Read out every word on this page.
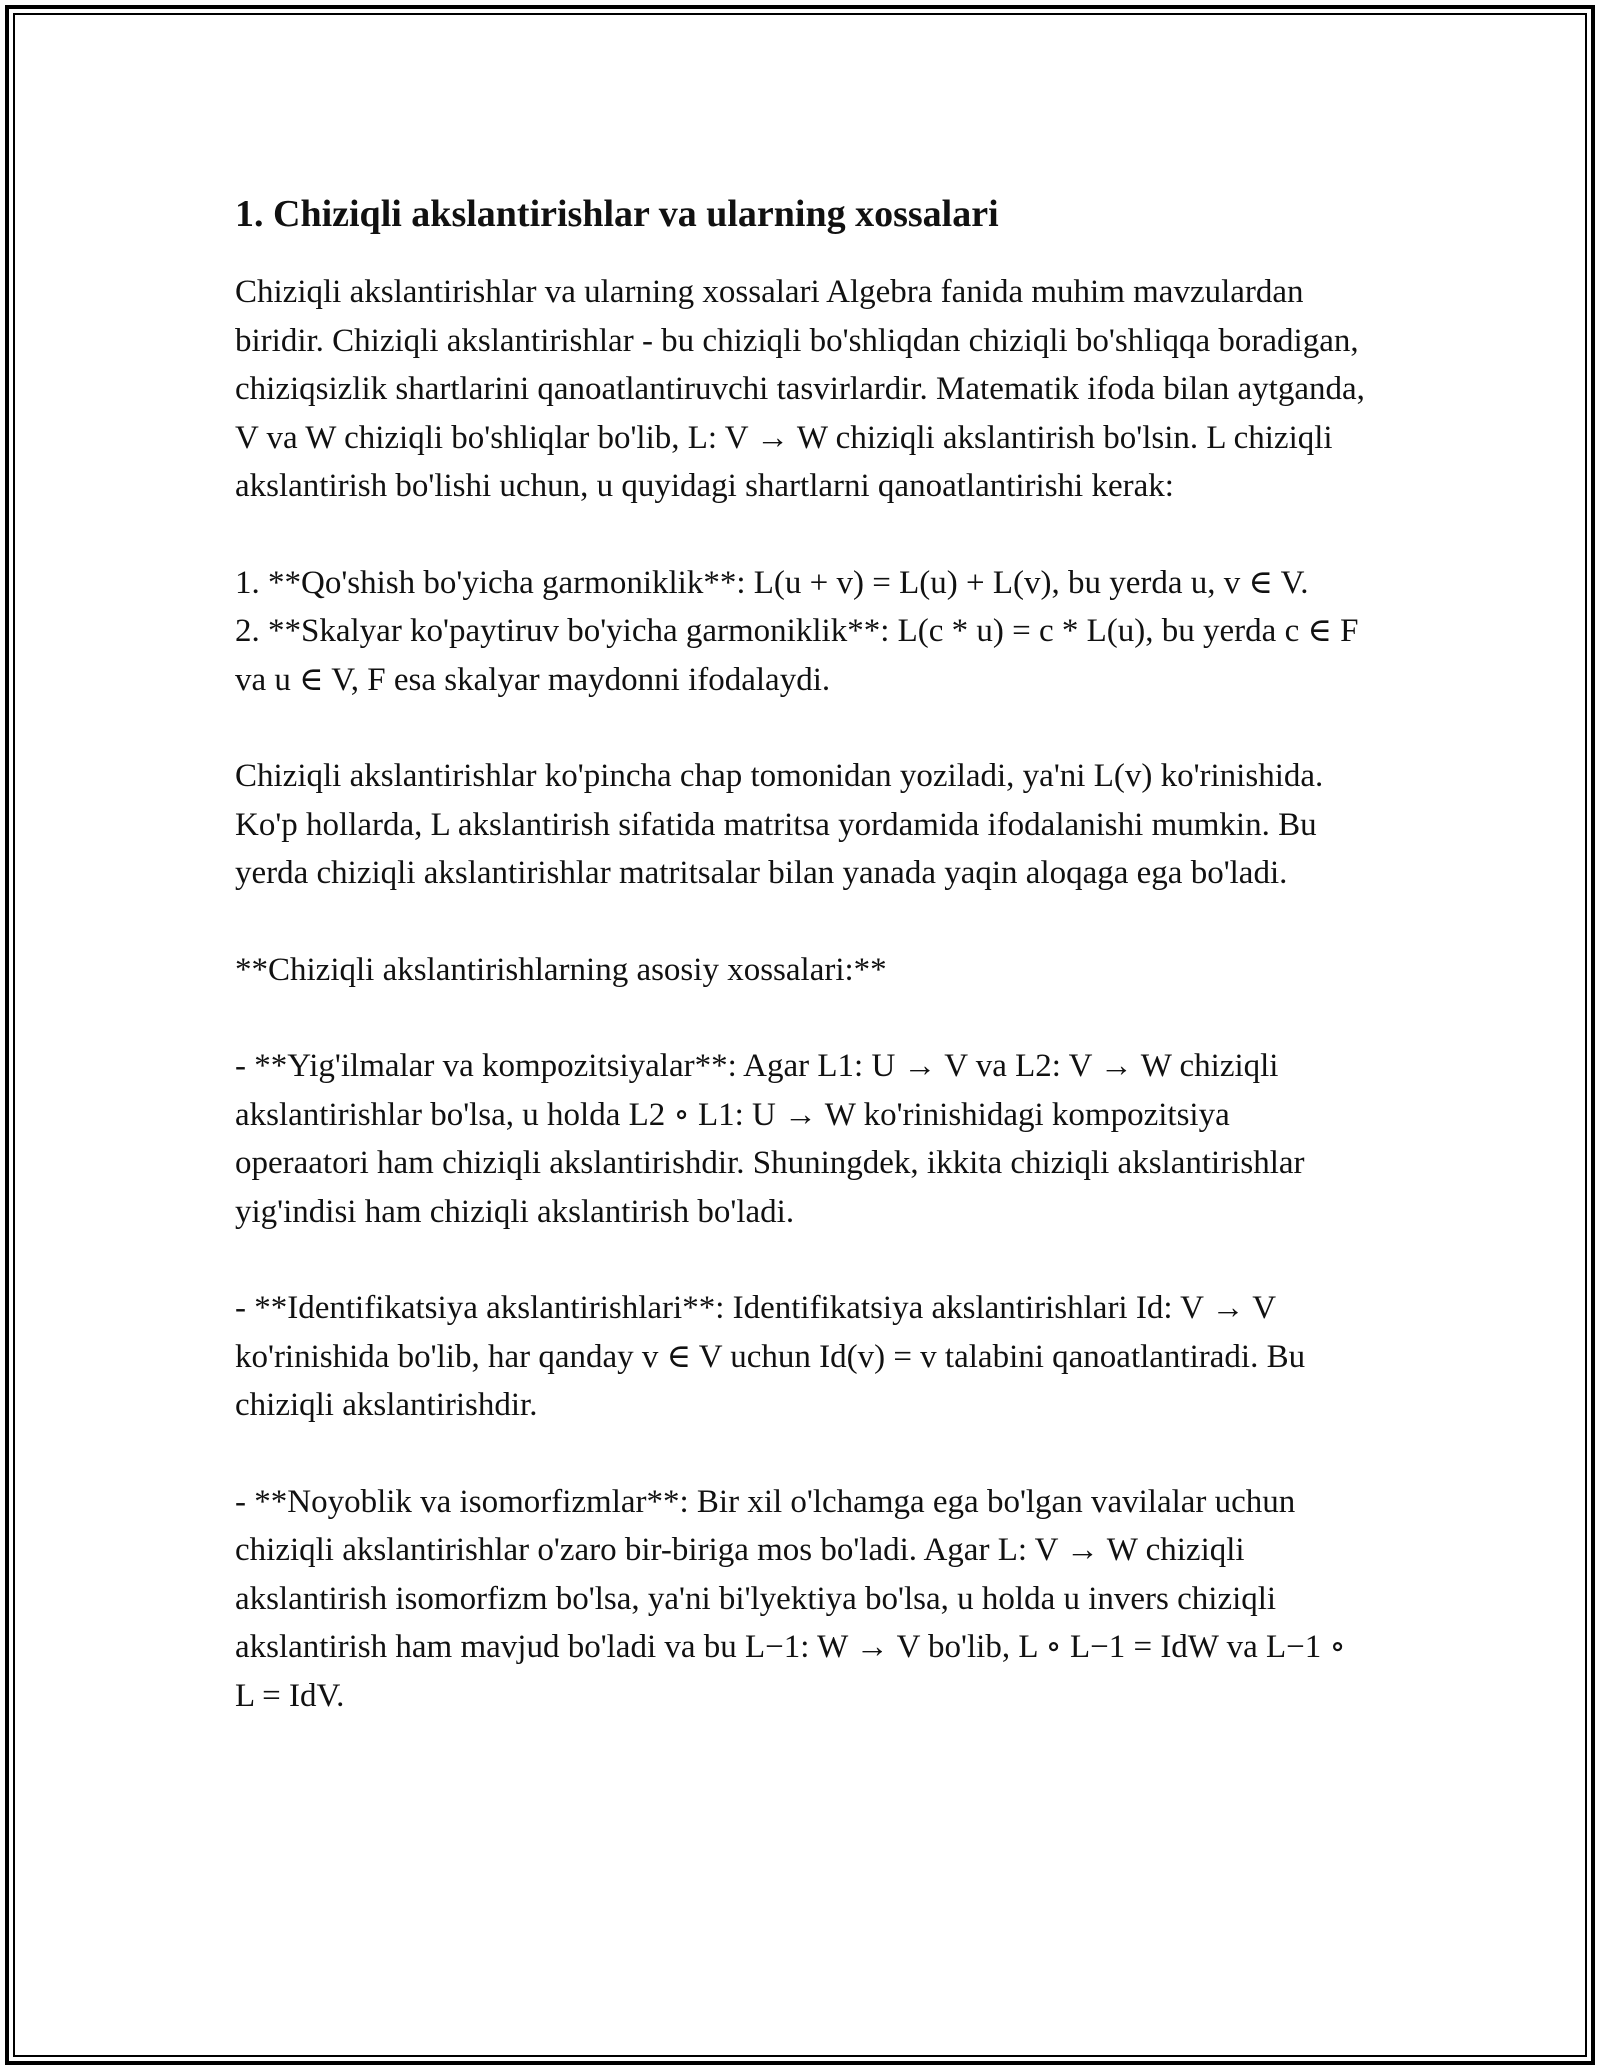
1. Chiziqli akslantirishlar va ularning xossalari

Chiziqli akslantirishlar va ularning xossalari Algebra fanida muhim mavzulardan biridir. Chiziqli akslantirishlar - bu chiziqli bo'shliqdan chiziqli bo'shliqqa boradigan, chiziqsizlik shartlarini qanoatlantiruvchi tasvirlardir. Matematik ifoda bilan aytganda, V va W chiziqli bo'shliqlar bo'lib, L: V → W chiziqli akslantirish bo'lsin. L chiziqli akslantirish bo'lishi uchun, u quyidagi shartlarni qanoatlantirishi kerak:

1. **Qo'shish bo'yicha garmoniklik**: L(u + v) = L(u) + L(v), bu yerda u, v ∈ V.
2. **Skalyar ko'paytiruv bo'yicha garmoniklik**: L(c * u) = c * L(u), bu yerda c ∈ F va u ∈ V, F esa skalyar maydonni ifodalaydi.

Chiziqli akslantirishlar ko'pincha chap tomonidan yoziladi, ya'ni L(v) ko'rinishida. Ko'p hollarda, L akslantirish sifatida matritsa yordamida ifodalanishi mumkin. Bu yerda chiziqli akslantirishlar matritsalar bilan yanada yaqin aloqaga ega bo'ladi.

**Chiziqli akslantirishlarning asosiy xossalari:**

- **Yig'ilmalar va kompozitsiyalar**: Agar L1: U → V va L2: V → W chiziqli akslantirishlar bo'lsa, u holda L2 ∘ L1: U → W ko'rinishidagi kompozitsiya operaatori ham chiziqli akslantirishdir. Shuningdek, ikkita chiziqli akslantirishlar yig'indisi ham chiziqli akslantirish bo'ladi.

- **Identifikatsiya akslantirishlari**: Identifikatsiya akslantirishlari Id: V → V ko'rinishida bo'lib, har qanday v ∈ V uchun Id(v) = v talabini qanoatlantiradi. Bu chiziqli akslantirishdir.

- **Noyoblik va isomorfizmlar**: Bir xil o'lchamga ega bo'lgan vavilalar uchun chiziqli akslantirishlar o'zaro bir-biriga mos bo'ladi. Agar L: V → W chiziqli akslantirish isomorfizm bo'lsa, ya'ni bi'lyektiya bo'lsa, u holda u invers chiziqli akslantirish ham mavjud bo'ladi va bu L−1: W → V bo'lib, L ∘ L−1 = IdW va L−1 ∘ L = IdV.
